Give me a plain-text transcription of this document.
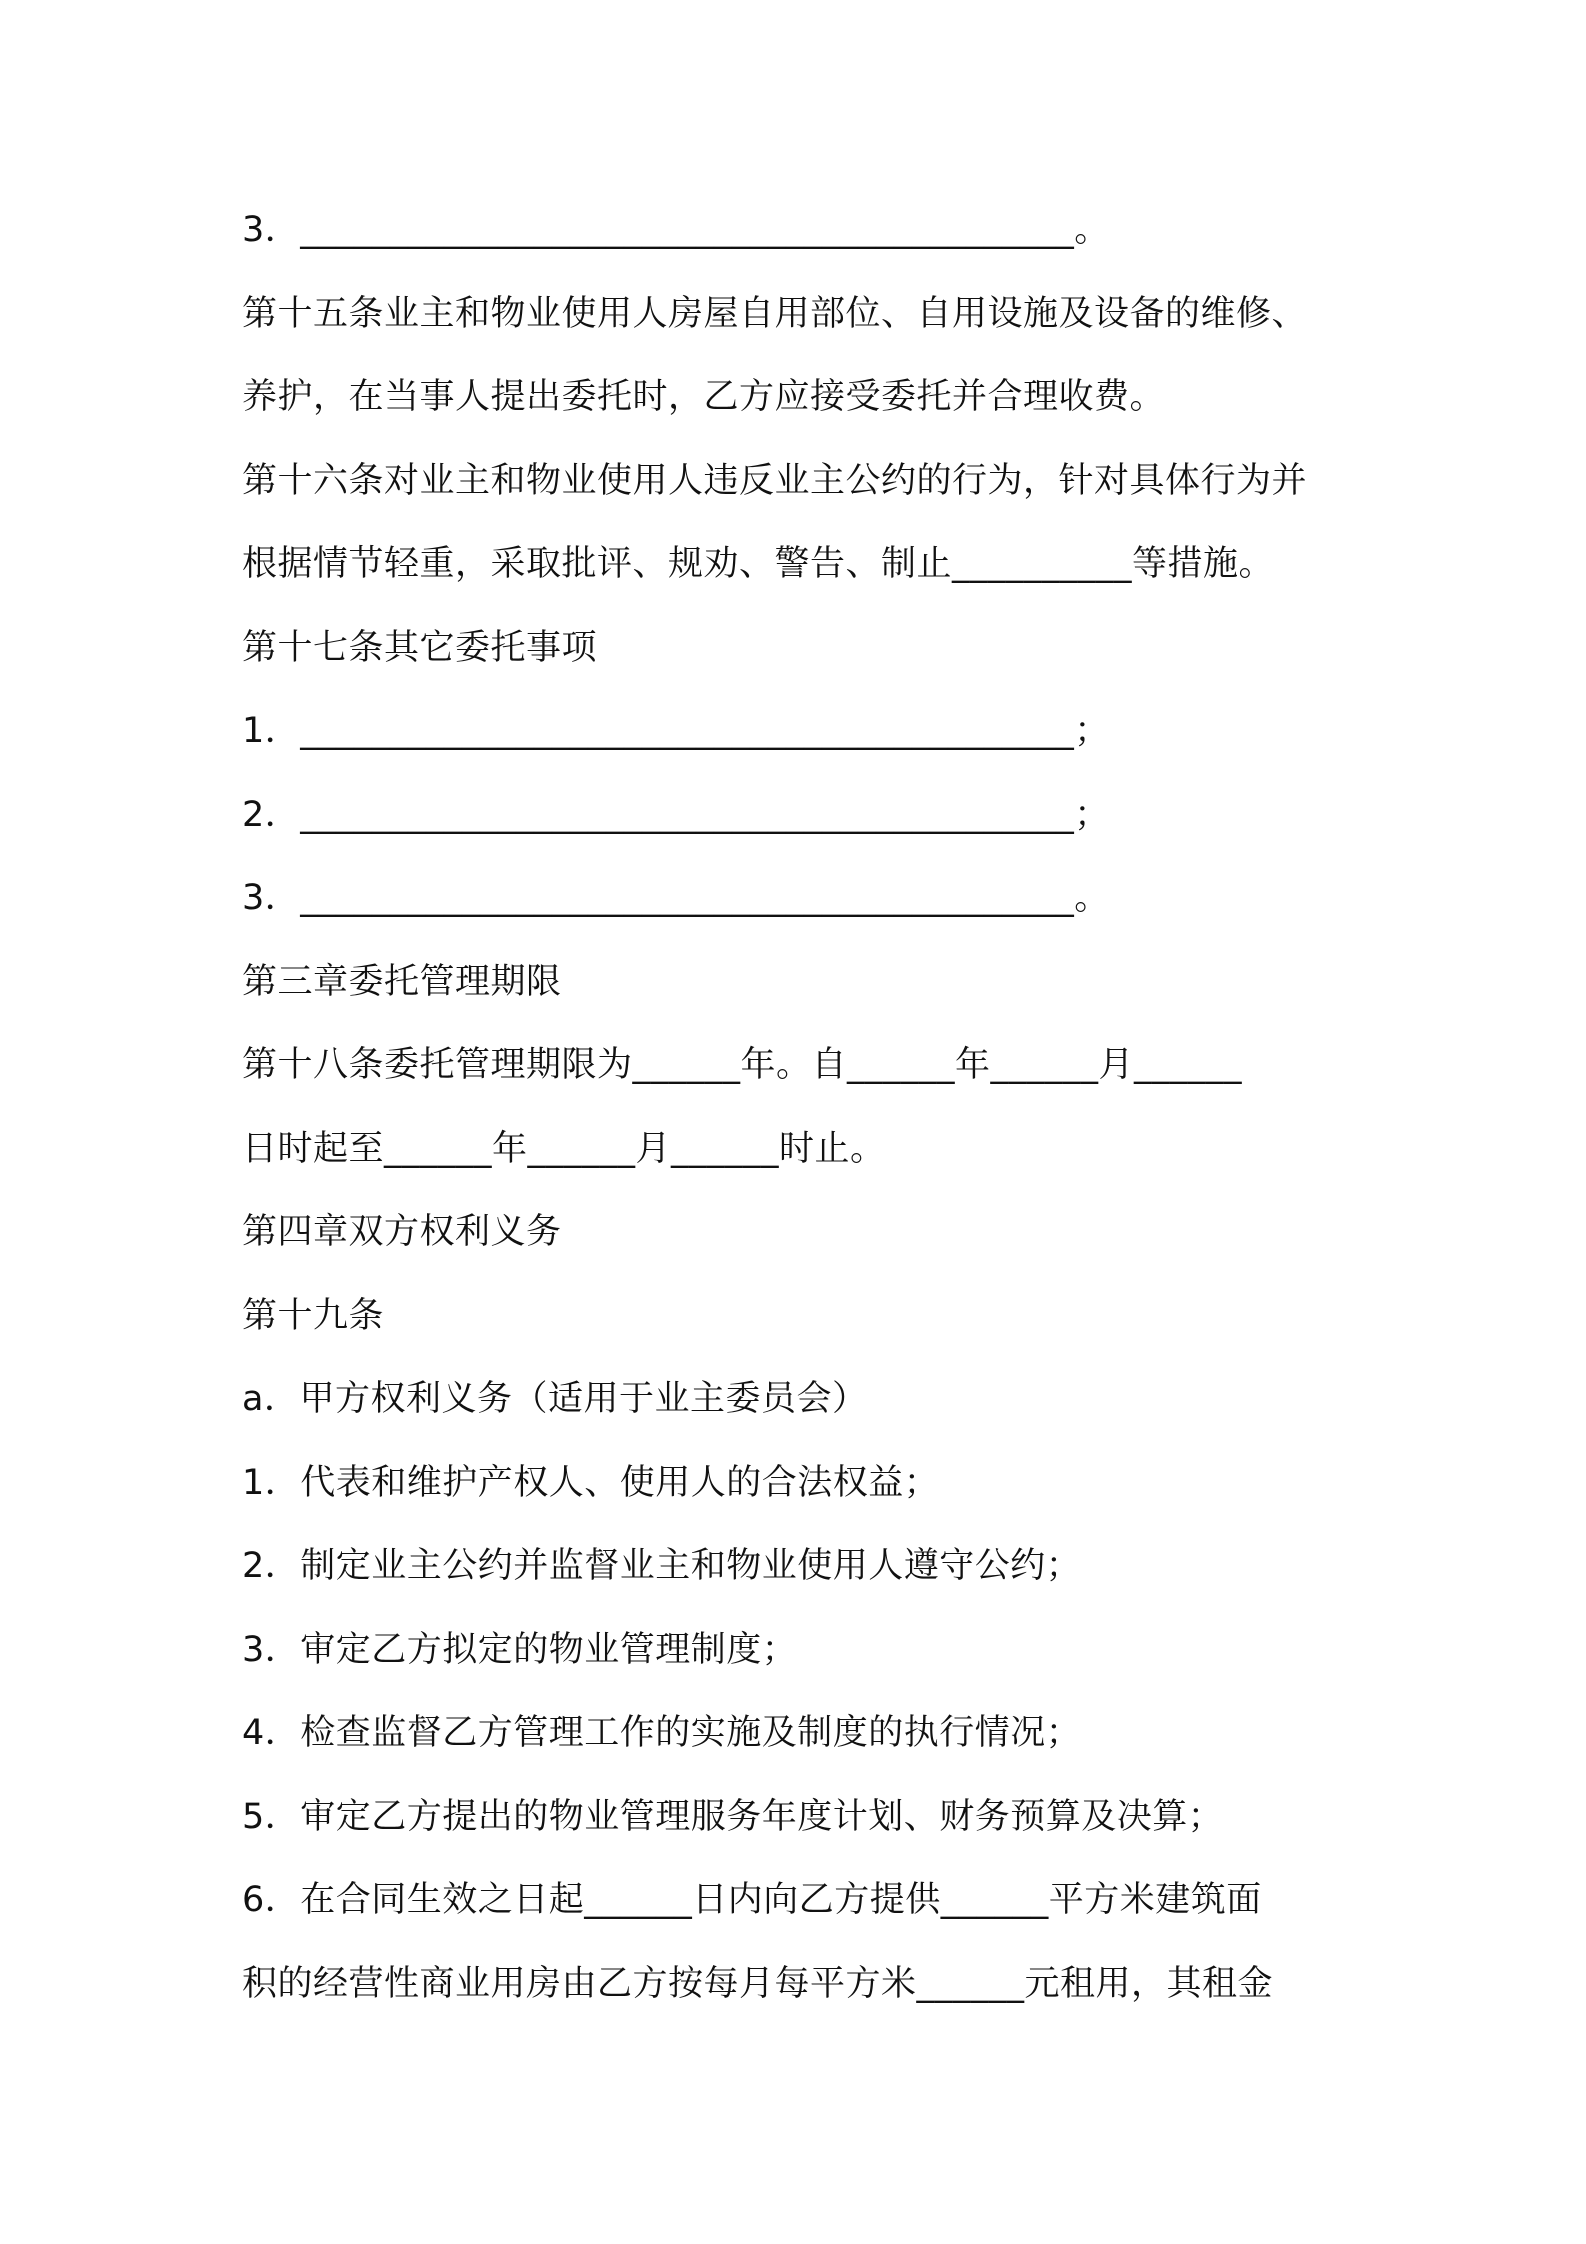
3．___________________________________________。
第十五条业主和物业使用人房屋自用部位、自用设施及设备的维修、
养护，在当事人提出委托时，乙方应接受委托并合理收费。
第十六条对业主和物业使用人违反业主公约的行为，针对具体行为并
根据情节轻重，采取批评、规劝、警告、制止__________等措施。
第十七条其它委托事项
1．___________________________________________；
2．___________________________________________；
3．___________________________________________。
第三章委托管理期限
第十八条委托管理期限为______年。自______年______月______
日时起至______年______月______时止。
第四章双方权利义务
第十九条
a．甲方权利义务（适用于业主委员会）
1．代表和维护产权人、使用人的合法权益；
2．制定业主公约并监督业主和物业使用人遵守公约；
3．审定乙方拟定的物业管理制度；
4．检查监督乙方管理工作的实施及制度的执行情况；
5．审定乙方提出的物业管理服务年度计划、财务预算及决算；
6．在合同生效之日起______日内向乙方提供______平方米建筑面
积的经营性商业用房由乙方按每月每平方米______元租用，其租金
